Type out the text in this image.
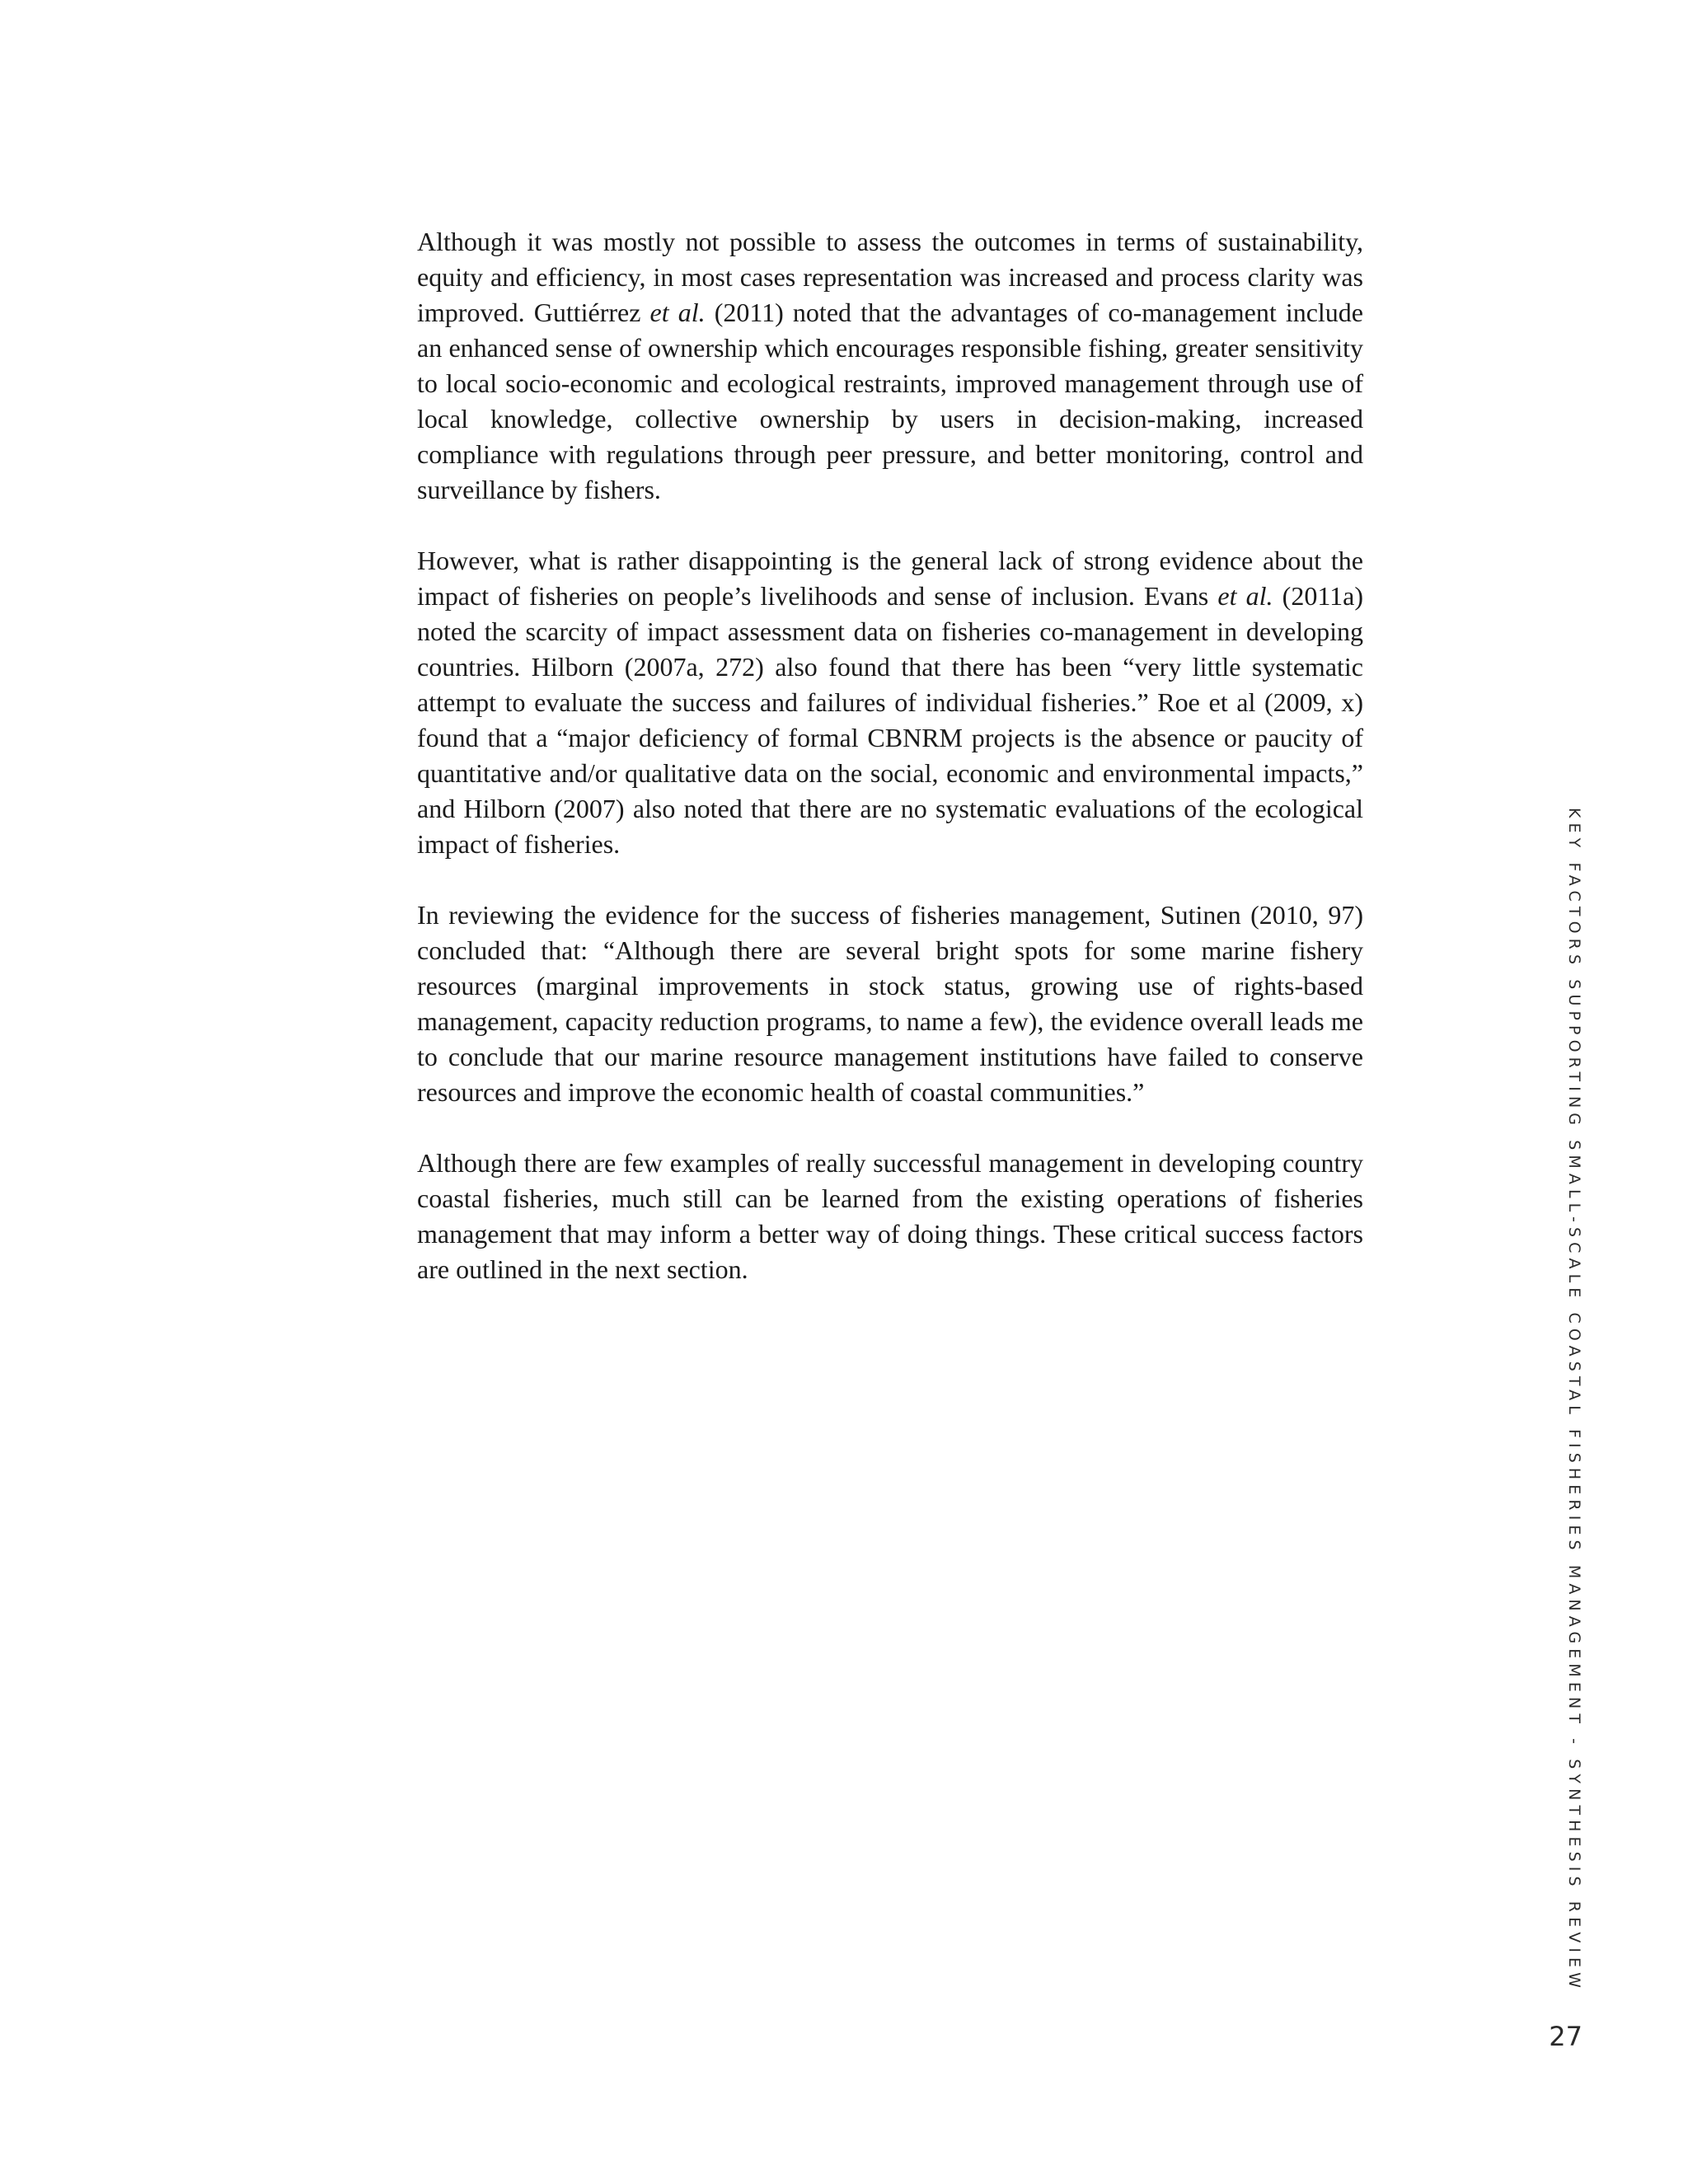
Although it was mostly not possible to assess the outcomes in terms of sustainability, equity and efficiency, in most cases representation was increased and process clarity was improved. Guttiérrez et al. (2011) noted that the advantages of co-management include an enhanced sense of ownership which encourages responsible fishing, greater sensitivity to local socio-economic and ecological restraints, improved management through use of local knowledge, collective ownership by users in decision-making, increased compliance with regulations through peer pressure, and better monitoring, control and surveillance by fishers.

However, what is rather disappointing is the general lack of strong evidence about the impact of fisheries on people’s livelihoods and sense of inclusion. Evans et al. (2011a) noted the scarcity of impact assessment data on fisheries co-management in developing countries. Hilborn (2007a, 272) also found that there has been “very little systematic attempt to evaluate the success and failures of individual fisheries.” Roe et al (2009, x) found that a “major deficiency of formal CBNRM projects is the absence or paucity of quantitative and/or qualitative data on the social, economic and environmental impacts,” and Hilborn (2007) also noted that there are no systematic evaluations of the ecological impact of fisheries.

In reviewing the evidence for the success of fisheries management, Sutinen (2010, 97) concluded that: “Although there are several bright spots for some marine fishery resources (marginal improvements in stock status, growing use of rights-based management, capacity reduction programs, to name a few), the evidence overall leads me to conclude that our marine resource management institutions have failed to conserve resources and improve the economic health of coastal communities.”

Although there are few examples of really successful management in developing country coastal fisheries, much still can be learned from the existing operations of fisheries management that may inform a better way of doing things. These critical success factors are outlined in the next section.	KEY FACTORS SUPPORTING SMALL-SCALE COASTAL FISHERIES MANAGEMENT - SYNTHESIS REVIEW
27
